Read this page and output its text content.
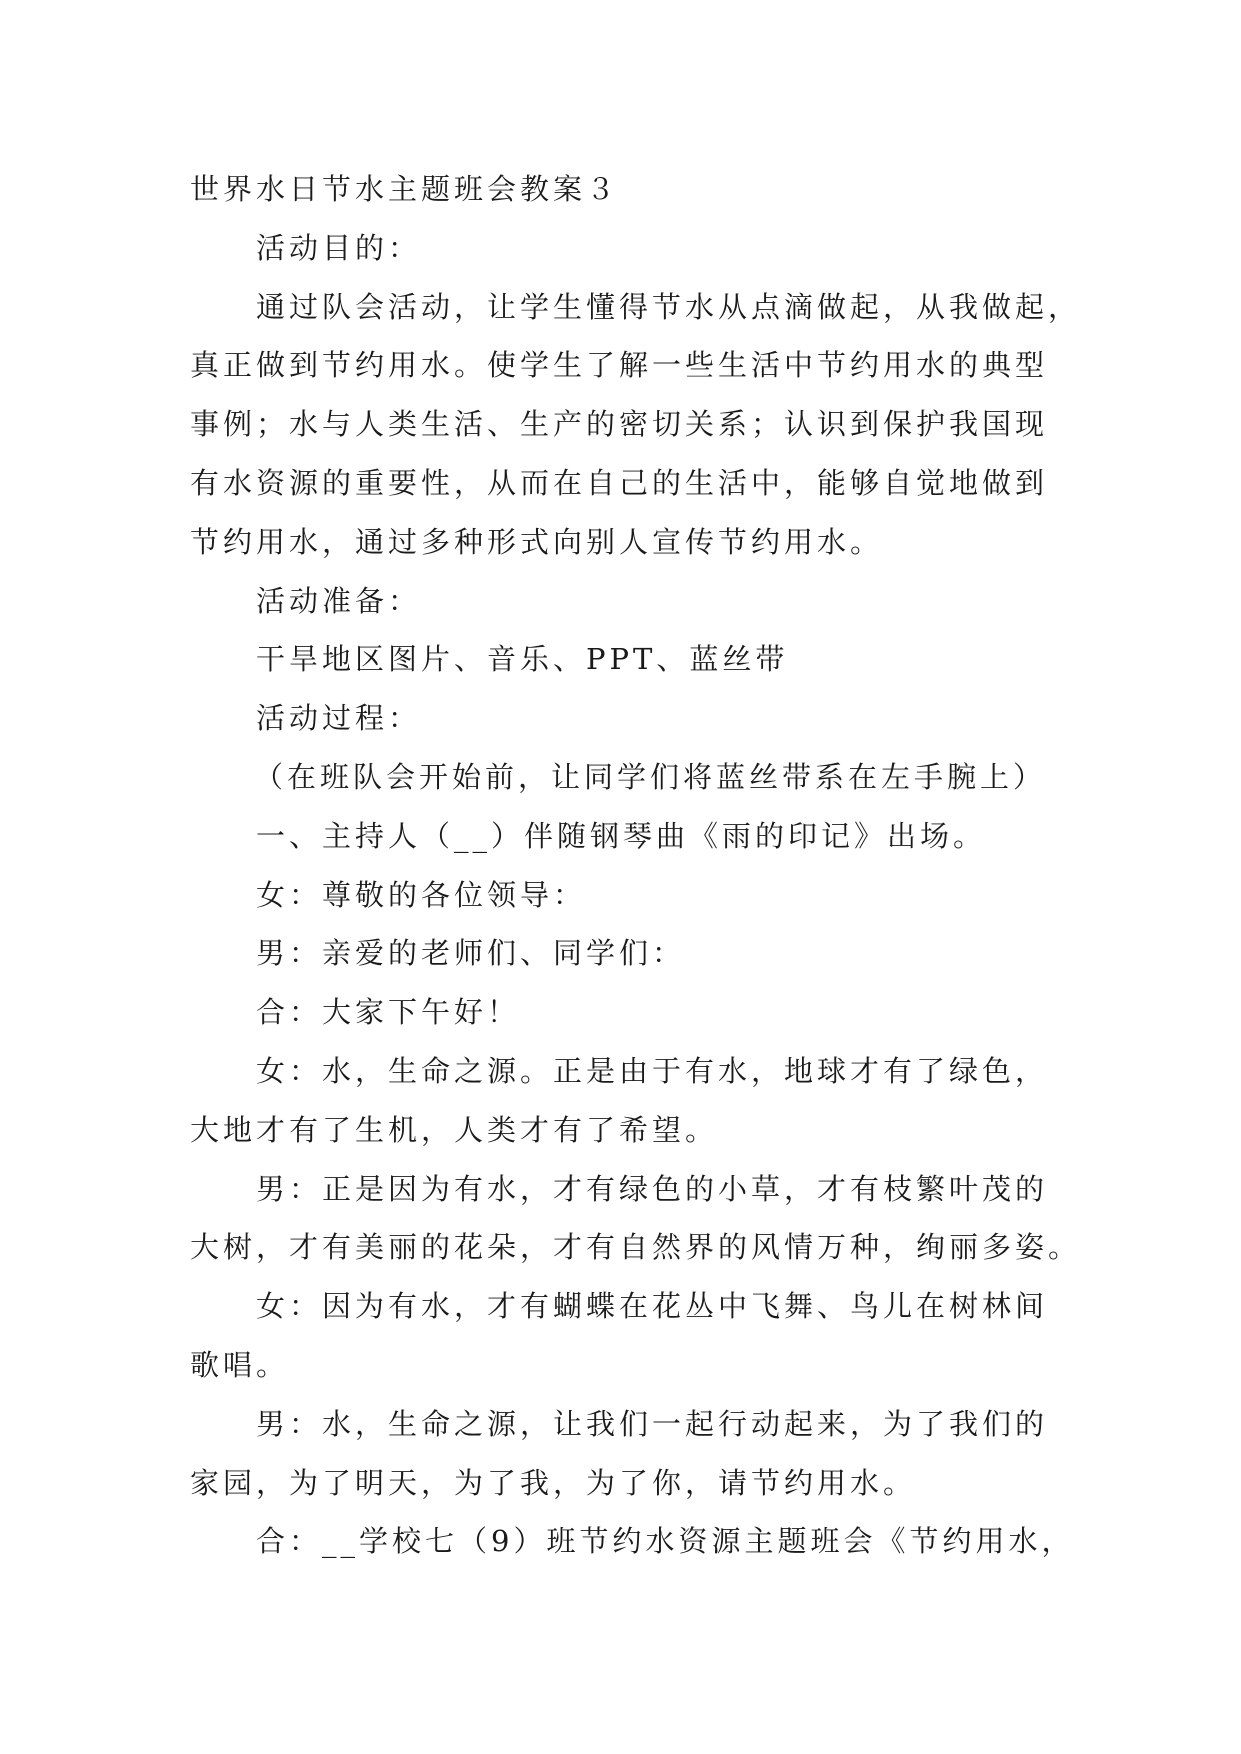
世界水日节水主题班会教案３
活动目的：
通过队会活动，让学生懂得节水从点滴做起，从我做起，
真正做到节约用水。使学生了解一些生活中节约用水的典型
事例；水与人类生活、生产的密切关系；认识到保护我国现
有水资源的重要性，从而在自己的生活中，能够自觉地做到
节约用水，通过多种形式向别人宣传节约用水。
活动准备：
干旱地区图片、音乐、PPT、蓝丝带
活动过程：
（在班队会开始前，让同学们将蓝丝带系在左手腕上）
一、主持人（__）伴随钢琴曲《雨的印记》出场。
女：尊敬的各位领导：
男：亲爱的老师们、同学们：
合：大家下午好！
女：水，生命之源。正是由于有水，地球才有了绿色，
大地才有了生机，人类才有了希望。
男：正是因为有水，才有绿色的小草，才有枝繁叶茂的
大树，才有美丽的花朵，才有自然界的风情万种，绚丽多姿。
女：因为有水，才有蝴蝶在花丛中飞舞、鸟儿在树林间
歌唱。
男：水，生命之源，让我们一起行动起来，为了我们的
家园，为了明天，为了我，为了你，请节约用水。
合：__学校七（9）班节约水资源主题班会《节约用水，
